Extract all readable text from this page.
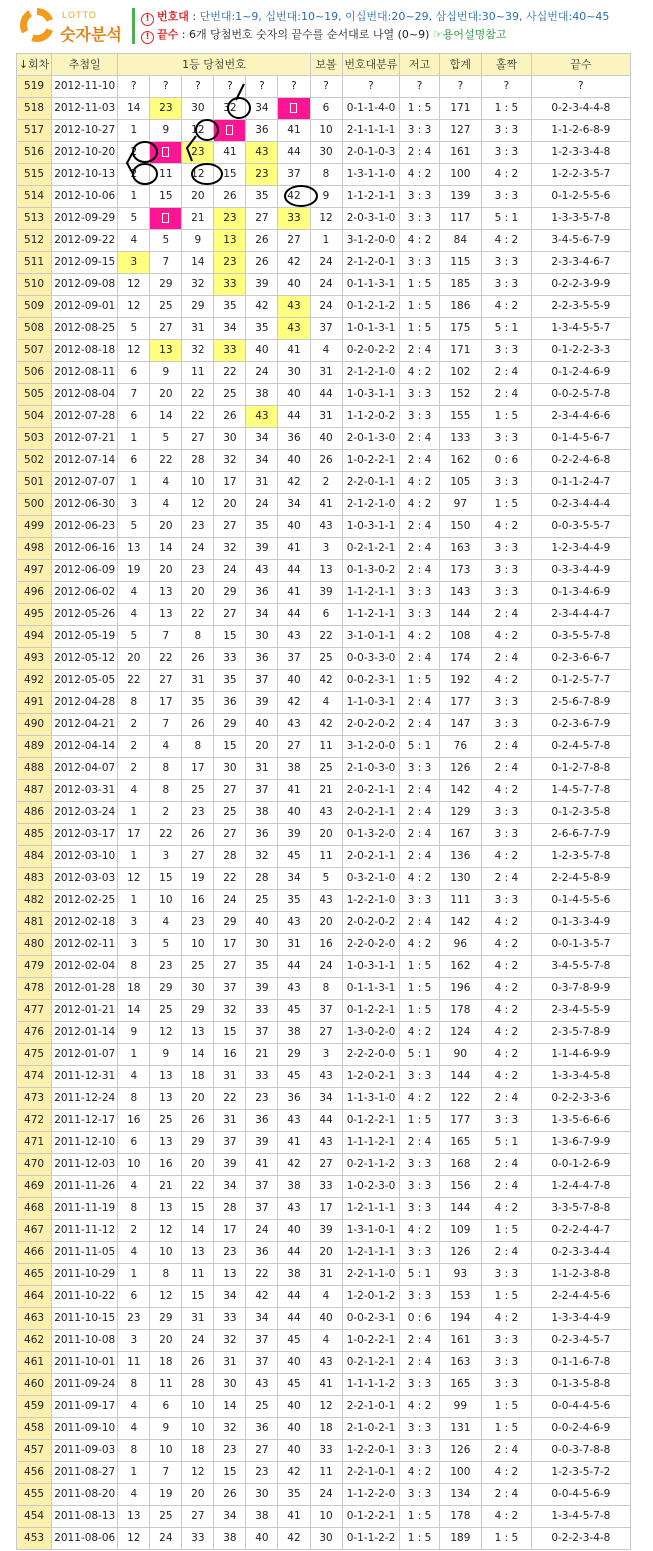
LOTTO
숫자분석
! 번호대 : 단번대:1~9, 십번대:10~19, 이십번대:20~29, 삼십번대:30~39, 사십번대:40~45
! 끝수 : 6개 당첨번호 숫자의 끝수를 순서대로 나열 (0~9) ☞용어설명참고
↓회차	추첨일	1등 당첨번호						보볼	번호대분류	저고	합계	홀짝	끝수
519	2012-11-10	?	?	?	?	?	?	?	?	?	?	?	?
518	2012-11-03	14	23	30	32	34		6	0-1-1-4-0	1 : 5	171	1 : 5	0-2-3-4-4-8
517	2012-10-27	1	9	12		36	41	10	2-1-1-1-1	3 : 3	127	3 : 3	1-1-2-6-8-9
516	2012-10-20	2		23	41	43	44	30	2-0-1-0-3	2 : 4	161	3 : 3	1-2-3-3-4-8
515	2012-10-13	2	11	12	15	23	37	8	1-3-1-1-0	4 : 2	100	4 : 2	1-2-2-3-5-7
514	2012-10-06	1	15	20	26	35	42	9	1-1-2-1-1	3 : 3	139	3 : 3	0-1-2-5-5-6
513	2012-09-29	5		21	23	27	33	12	2-0-3-1-0	3 : 3	117	5 : 1	1-3-3-5-7-8
512	2012-09-22	4	5	9	13	26	27	1	3-1-2-0-0	4 : 2	84	4 : 2	3-4-5-6-7-9
511	2012-09-15	3	7	14	23	26	42	24	2-1-2-0-1	3 : 3	115	3 : 3	2-3-3-4-6-7
510	2012-09-08	12	29	32	33	39	40	24	0-1-1-3-1	1 : 5	185	3 : 3	0-2-2-3-9-9
509	2012-09-01	12	25	29	35	42	43	24	0-1-2-1-2	1 : 5	186	4 : 2	2-2-3-5-5-9
508	2012-08-25	5	27	31	34	35	43	37	1-0-1-3-1	1 : 5	175	5 : 1	1-3-4-5-5-7
507	2012-08-18	12	13	32	33	40	41	4	0-2-0-2-2	2 : 4	171	3 : 3	0-1-2-2-3-3
506	2012-08-11	6	9	11	22	24	30	31	2-1-2-1-0	4 : 2	102	2 : 4	0-1-2-4-6-9
505	2012-08-04	7	20	22	25	38	40	44	1-0-3-1-1	3 : 3	152	2 : 4	0-0-2-5-7-8
504	2012-07-28	6	14	22	26	43	44	31	1-1-2-0-2	3 : 3	155	1 : 5	2-3-4-4-6-6
503	2012-07-21	1	5	27	30	34	36	40	2-0-1-3-0	2 : 4	133	3 : 3	0-1-4-5-6-7
502	2012-07-14	6	22	28	32	34	40	26	1-0-2-2-1	2 : 4	162	0 : 6	0-2-2-4-6-8
501	2012-07-07	1	4	10	17	31	42	2	2-2-0-1-1	4 : 2	105	3 : 3	0-1-1-2-4-7
500	2012-06-30	3	4	12	20	24	34	41	2-1-2-1-0	4 : 2	97	1 : 5	0-2-3-4-4-4
499	2012-06-23	5	20	23	27	35	40	43	1-0-3-1-1	2 : 4	150	4 : 2	0-0-3-5-5-7
498	2012-06-16	13	14	24	32	39	41	3	0-2-1-2-1	2 : 4	163	3 : 3	1-2-3-4-4-9
497	2012-06-09	19	20	23	24	43	44	13	0-1-3-0-2	2 : 4	173	3 : 3	0-3-3-4-4-9
496	2012-06-02	4	13	20	29	36	41	39	1-1-2-1-1	3 : 3	143	3 : 3	0-1-3-4-6-9
495	2012-05-26	4	13	22	27	34	44	6	1-1-2-1-1	3 : 3	144	2 : 4	2-3-4-4-4-7
494	2012-05-19	5	7	8	15	30	43	22	3-1-0-1-1	4 : 2	108	4 : 2	0-3-5-5-7-8
493	2012-05-12	20	22	26	33	36	37	25	0-0-3-3-0	2 : 4	174	2 : 4	0-2-3-6-6-7
492	2012-05-05	22	27	31	35	37	40	42	0-0-2-3-1	1 : 5	192	4 : 2	0-1-2-5-7-7
491	2012-04-28	8	17	35	36	39	42	4	1-1-0-3-1	2 : 4	177	3 : 3	2-5-6-7-8-9
490	2012-04-21	2	7	26	29	40	43	42	2-0-2-0-2	2 : 4	147	3 : 3	0-2-3-6-7-9
489	2012-04-14	2	4	8	15	20	27	11	3-1-2-0-0	5 : 1	76	2 : 4	0-2-4-5-7-8
488	2012-04-07	2	8	17	30	31	38	25	2-1-0-3-0	3 : 3	126	2 : 4	0-1-2-7-8-8
487	2012-03-31	4	8	25	27	37	41	21	2-0-2-1-1	2 : 4	142	4 : 2	1-4-5-7-7-8
486	2012-03-24	1	2	23	25	38	40	43	2-0-2-1-1	2 : 4	129	3 : 3	0-1-2-3-5-8
485	2012-03-17	17	22	26	27	36	39	20	0-1-3-2-0	2 : 4	167	3 : 3	2-6-6-7-7-9
484	2012-03-10	1	3	27	28	32	45	11	2-0-2-1-1	2 : 4	136	4 : 2	1-2-3-5-7-8
483	2012-03-03	12	15	19	22	28	34	5	0-3-2-1-0	4 : 2	130	2 : 4	2-2-4-5-8-9
482	2012-02-25	1	10	16	24	25	35	43	1-2-2-1-0	3 : 3	111	3 : 3	0-1-4-5-5-6
481	2012-02-18	3	4	23	29	40	43	20	2-0-2-0-2	2 : 4	142	4 : 2	0-1-3-3-4-9
480	2012-02-11	3	5	10	17	30	31	16	2-2-0-2-0	4 : 2	96	4 : 2	0-0-1-3-5-7
479	2012-02-04	8	23	25	27	35	44	24	1-0-3-1-1	1 : 5	162	4 : 2	3-4-5-5-7-8
478	2012-01-28	18	29	30	37	39	43	8	0-1-1-3-1	1 : 5	196	4 : 2	0-3-7-8-9-9
477	2012-01-21	14	25	29	32	33	45	37	0-1-2-2-1	1 : 5	178	4 : 2	2-3-4-5-5-9
476	2012-01-14	9	12	13	15	37	38	27	1-3-0-2-0	4 : 2	124	4 : 2	2-3-5-7-8-9
475	2012-01-07	1	9	14	16	21	29	3	2-2-2-0-0	5 : 1	90	4 : 2	1-1-4-6-9-9
474	2011-12-31	4	13	18	31	33	45	43	1-2-0-2-1	3 : 3	144	4 : 2	1-3-3-4-5-8
473	2011-12-24	8	13	20	22	23	36	34	1-1-3-1-0	4 : 2	122	2 : 4	0-2-2-3-3-6
472	2011-12-17	16	25	26	31	36	43	44	0-1-2-2-1	1 : 5	177	3 : 3	1-3-5-6-6-6
471	2011-12-10	6	13	29	37	39	41	43	1-1-1-2-1	2 : 4	165	5 : 1	1-3-6-7-9-9
470	2011-12-03	10	16	20	39	41	42	27	0-2-1-1-2	3 : 3	168	2 : 4	0-0-1-2-6-9
469	2011-11-26	4	21	22	34	37	38	33	1-0-2-3-0	3 : 3	156	2 : 4	1-2-4-4-7-8
468	2011-11-19	8	13	15	28	37	43	17	1-2-1-1-1	3 : 3	144	4 : 2	3-3-5-7-8-8
467	2011-11-12	2	12	14	17	24	40	39	1-3-1-0-1	4 : 2	109	1 : 5	0-2-2-4-4-7
466	2011-11-05	4	10	13	23	36	44	20	1-2-1-1-1	3 : 3	126	2 : 4	0-2-3-3-4-4
465	2011-10-29	1	8	11	13	22	38	31	2-2-1-1-0	5 : 1	93	3 : 3	1-1-2-3-8-8
464	2011-10-22	6	12	15	34	42	44	4	1-2-0-1-2	3 : 3	153	1 : 5	2-2-4-4-5-6
463	2011-10-15	23	29	31	33	34	44	40	0-0-2-3-1	0 : 6	194	4 : 2	1-3-3-4-4-9
462	2011-10-08	3	20	24	32	37	45	4	1-0-2-2-1	2 : 4	161	3 : 3	0-2-3-4-5-7
461	2011-10-01	11	18	26	31	37	40	43	0-2-1-2-1	2 : 4	163	3 : 3	0-1-1-6-7-8
460	2011-09-24	8	11	28	30	43	45	41	1-1-1-1-2	3 : 3	165	3 : 3	0-1-3-5-8-8
459	2011-09-17	4	6	10	14	25	40	12	2-2-1-0-1	4 : 2	99	1 : 5	0-0-4-4-5-6
458	2011-09-10	4	9	10	32	36	40	18	2-1-0-2-1	3 : 3	131	1 : 5	0-0-2-4-6-9
457	2011-09-03	8	10	18	23	27	40	33	1-2-2-0-1	3 : 3	126	2 : 4	0-0-3-7-8-8
456	2011-08-27	1	7	12	15	23	42	11	2-2-1-0-1	4 : 2	100	4 : 2	1-2-3-5-7-2
455	2011-08-20	4	19	20	26	30	35	24	1-1-2-2-0	3 : 3	134	2 : 4	0-0-4-5-6-9
454	2011-08-13	13	25	27	34	38	41	10	0-1-2-2-1	1 : 5	178	4 : 2	1-3-4-5-7-8
453	2011-08-06	12	24	33	38	40	42	30	0-1-1-2-2	1 : 5	189	1 : 5	0-2-2-3-4-8
